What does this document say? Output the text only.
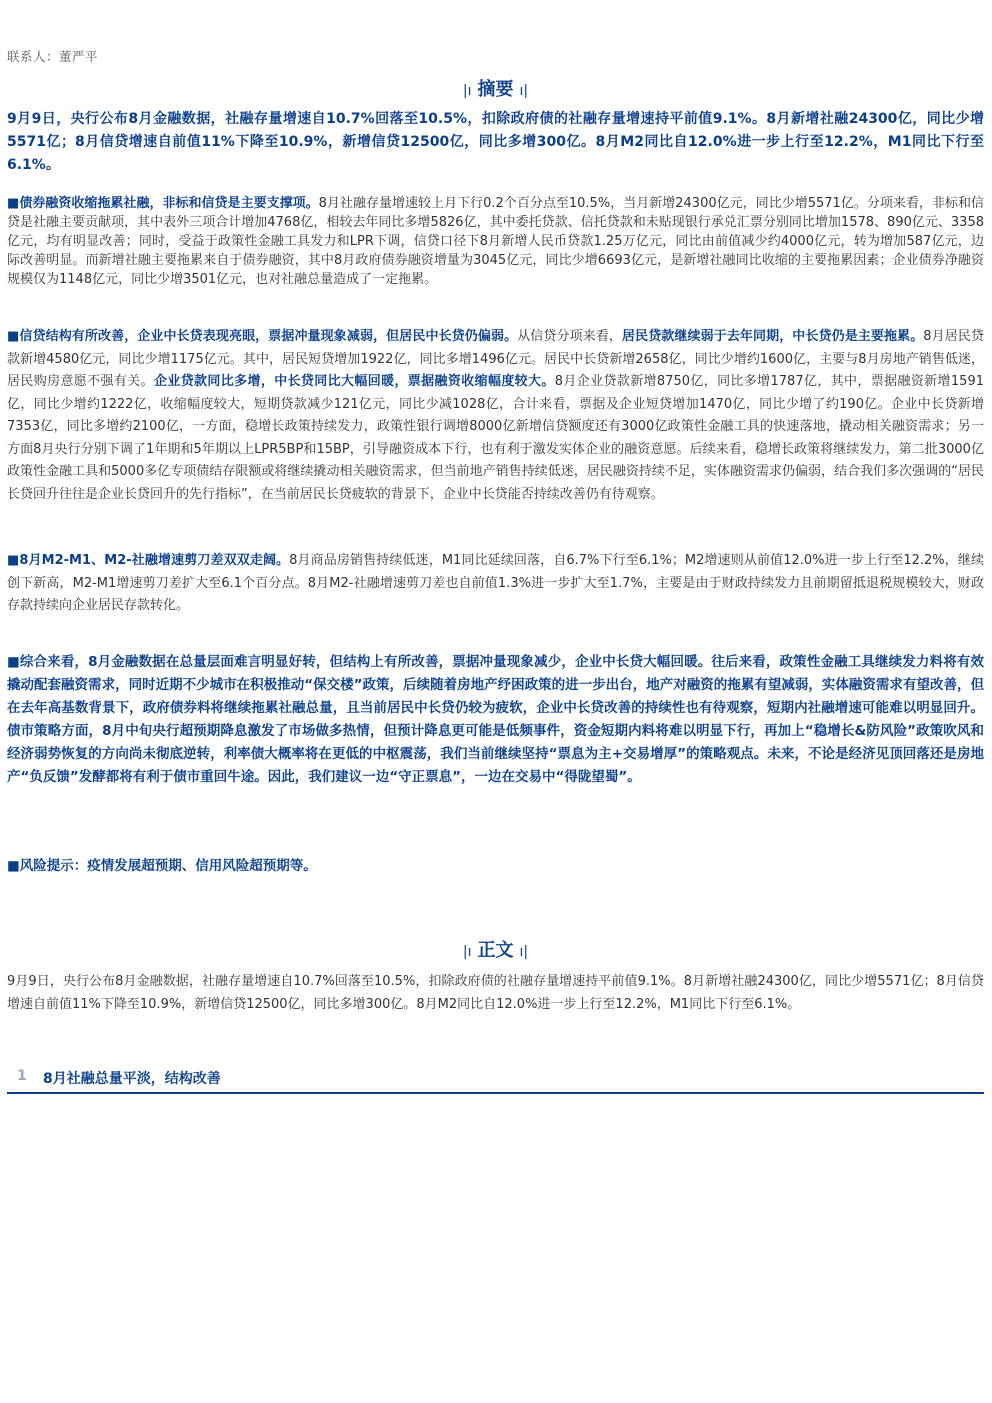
联系人：董严平
|ı 摘要 ı|
9月9日，央行公布8月金融数据，社融存量增速自10.7%回落至10.5%，扣除政府债的社融存量增速持平前值9.1%。8月新增社融24300亿，同比少增5571亿；8月信贷增速自前值11%下降至10.9%，新增信贷12500亿，同比多增300亿。8月M2同比自12.0%进一步上行至12.2%，M1同比下行至6.1%。
■债券融资收缩拖累社融，非标和信贷是主要支撑项。8月社融存量增速较上月下行0.2个百分点至10.5%，当月新增24300亿元，同比少增5571亿。分项来看，非标和信贷是社融主要贡献项，其中表外三项合计增加4768亿，相较去年同比多增5826亿，其中委托贷款、信托贷款和未贴现银行承兑汇票分别同比增加1578、890亿元、3358亿元，均有明显改善；同时，受益于政策性金融工具发力和LPR下调，信贷口径下8月新增人民币贷款1.25万亿元，同比由前值减少约4000亿元，转为增加587亿元，边际改善明显。而新增社融主要拖累来自于债券融资，其中8月政府债券融资增量为3045亿元，同比少增6693亿元，是新增社融同比收缩的主要拖累因素；企业债券净融资规模仅为1148亿元，同比少增3501亿元，也对社融总量造成了一定拖累。
■信贷结构有所改善，企业中长贷表现亮眼，票据冲量现象减弱，但居民中长贷仍偏弱。从信贷分项来看，居民贷款继续弱于去年同期，中长贷仍是主要拖累。8月居民贷款新增4580亿元，同比少增1175亿元。其中，居民短贷增加1922亿，同比多增1496亿元。居民中长贷新增2658亿，同比少增约1600亿，主要与8月房地产销售低迷，居民购房意愿不强有关。企业贷款同比多增，中长贷同比大幅回暖，票据融资收缩幅度较大。8月企业贷款新增8750亿，同比多增1787亿，其中，票据融资新增1591亿，同比少增约1222亿，收缩幅度较大，短期贷款减少121亿元，同比少减1028亿，合计来看，票据及企业短贷增加1470亿，同比少增了约190亿。企业中长贷新增7353亿，同比多增约2100亿，一方面，稳增长政策持续发力，政策性银行调增8000亿新增信贷额度还有3000亿政策性金融工具的快速落地，撬动相关融资需求；另一方面8月央行分别下调了1年期和5年期以上LPR5BP和15BP，引导融资成本下行，也有利于激发实体企业的融资意愿。后续来看，稳增长政策将继续发力，第二批3000亿政策性金融工具和5000多亿专项债结存限额或将继续撬动相关融资需求，但当前地产销售持续低迷，居民融资持续不足，实体融资需求仍偏弱，结合我们多次强调的“居民长贷回升往往是企业长贷回升的先行指标”，在当前居民长贷疲软的背景下，企业中长贷能否持续改善仍有待观察。
■8月M2-M1、M2-社融增速剪刀差双双走阔。8月商品房销售持续低迷，M1同比延续回落，自6.7%下行至6.1%；M2增速则从前值12.0%进一步上行至12.2%，继续创下新高，M2-M1增速剪刀差扩大至6.1个百分点。8月M2-社融增速剪刀差也自前值1.3%进一步扩大至1.7%，主要是由于财政持续发力且前期留抵退税规模较大，财政存款持续向企业居民存款转化。
■综合来看，8月金融数据在总量层面难言明显好转，但结构上有所改善，票据冲量现象减少，企业中长贷大幅回暖。往后来看，政策性金融工具继续发力料将有效撬动配套融资需求，同时近期不少城市在积极推动“保交楼”政策，后续随着房地产纾困政策的进一步出台，地产对融资的拖累有望减弱，实体融资需求有望改善，但在去年高基数背景下，政府债券料将继续拖累社融总量，且当前居民中长贷仍较为疲软，企业中长贷改善的持续性也有待观察，短期内社融增速可能难以明显回升。债市策略方面，8月中旬央行超预期降息激发了市场做多热情，但预计降息更可能是低频事件，资金短期内料将难以明显下行，再加上“稳增长&防风险”政策吹风和经济弱势恢复的方向尚未彻底逆转，利率债大概率将在更低的中枢震荡，我们当前继续坚持“票息为主+交易增厚”的策略观点。未来，不论是经济见顶回落还是房地产“负反馈”发酵都将有利于债市重回牛途。因此，我们建议一边“守正票息”，一边在交易中“得陇望蜀”。
■风险提示：疫情发展超预期、信用风险超预期等。
|ı 正文 ı|
9月9日，央行公布8月金融数据，社融存量增速自10.7%回落至10.5%，扣除政府债的社融存量增速持平前值9.1%。8月新增社融24300亿，同比少增5571亿；8月信贷增速自前值11%下降至10.9%，新增信贷12500亿，同比多增300亿。8月M2同比自12.0%进一步上行至12.2%，M1同比下行至6.1%。
1 8月社融总量平淡，结构改善
